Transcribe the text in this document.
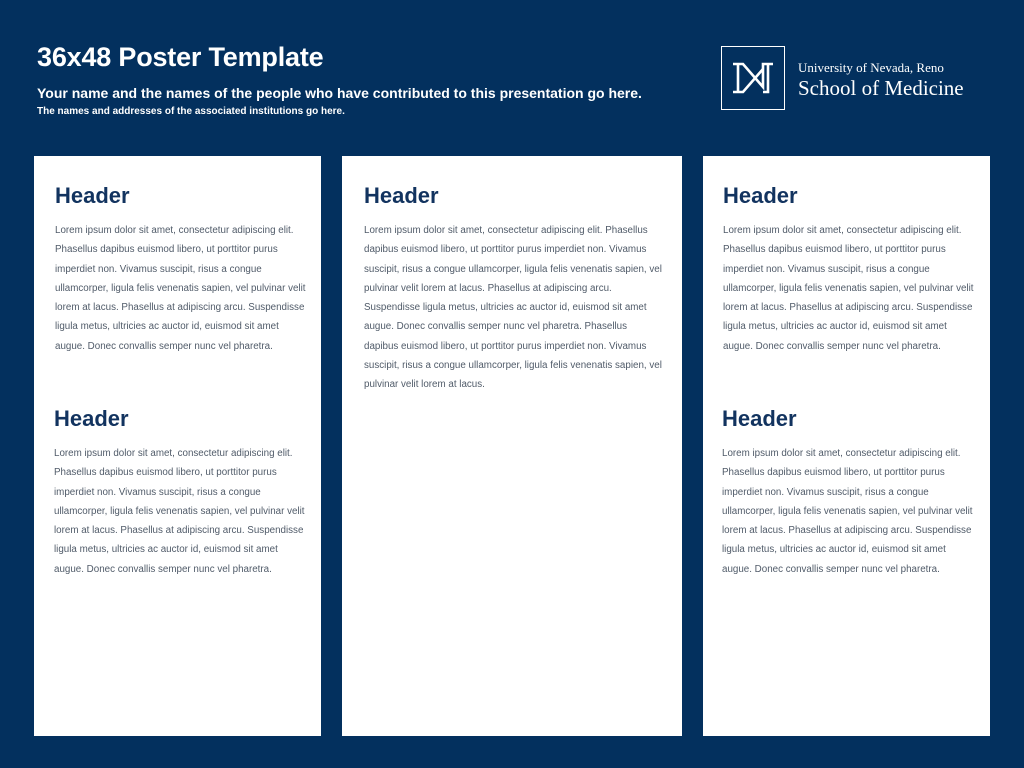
36x48 Poster Template

Your name and the names of the people who have contributed to this presentation go here.

The names and addresses of the associated institutions go here.

University of Nevada, Reno
School of Medicine
Header

Lorem ipsum dolor sit amet, consectetur adipiscing elit. Phasellus dapibus euismod libero, ut porttitor purus imperdiet non. Vivamus suscipit, risus a congue ullamcorper, ligula felis venenatis sapien, vel pulvinar velit lorem at lacus. Phasellus at adipiscing arcu. Suspendisse ligula metus, ultricies ac auctor id, euismod sit amet augue. Donec convallis semper nunc vel pharetra.

Header

Lorem ipsum dolor sit amet, consectetur adipiscing elit. Phasellus dapibus euismod libero, ut porttitor purus imperdiet non. Vivamus suscipit, risus a congue ullamcorper, ligula felis venenatis sapien, vel pulvinar velit lorem at lacus. Phasellus at adipiscing arcu. Suspendisse ligula metus, ultricies ac auctor id, euismod sit amet augue. Donec convallis semper nunc vel pharetra.

Header

Lorem ipsum dolor sit amet, consectetur adipiscing elit. Phasellus dapibus euismod libero, ut porttitor purus imperdiet non. Vivamus suscipit, risus a congue ullamcorper, ligula felis venenatis sapien, vel pulvinar velit lorem at lacus. Phasellus at adipiscing arcu. Suspendisse ligula metus, ultricies ac auctor id, euismod sit amet augue. Donec convallis semper nunc vel pharetra. Phasellus dapibus euismod libero, ut porttitor purus imperdiet non. Vivamus suscipit, risus a congue ullamcorper, ligula felis venenatis sapien, vel pulvinar velit lorem at lacus.

Header

Lorem ipsum dolor sit amet, consectetur adipiscing elit. Phasellus dapibus euismod libero, ut porttitor purus imperdiet non. Vivamus suscipit, risus a congue ullamcorper, ligula felis venenatis sapien, vel pulvinar velit lorem at lacus. Phasellus at adipiscing arcu. Suspendisse ligula metus, ultricies ac auctor id, euismod sit amet augue. Donec convallis semper nunc vel pharetra.

Header

Lorem ipsum dolor sit amet, consectetur adipiscing elit. Phasellus dapibus euismod libero, ut porttitor purus imperdiet non. Vivamus suscipit, risus a congue ullamcorper, ligula felis venenatis sapien, vel pulvinar velit lorem at lacus. Phasellus at adipiscing arcu. Suspendisse ligula metus, ultricies ac auctor id, euismod sit amet augue. Donec convallis semper nunc vel pharetra.
